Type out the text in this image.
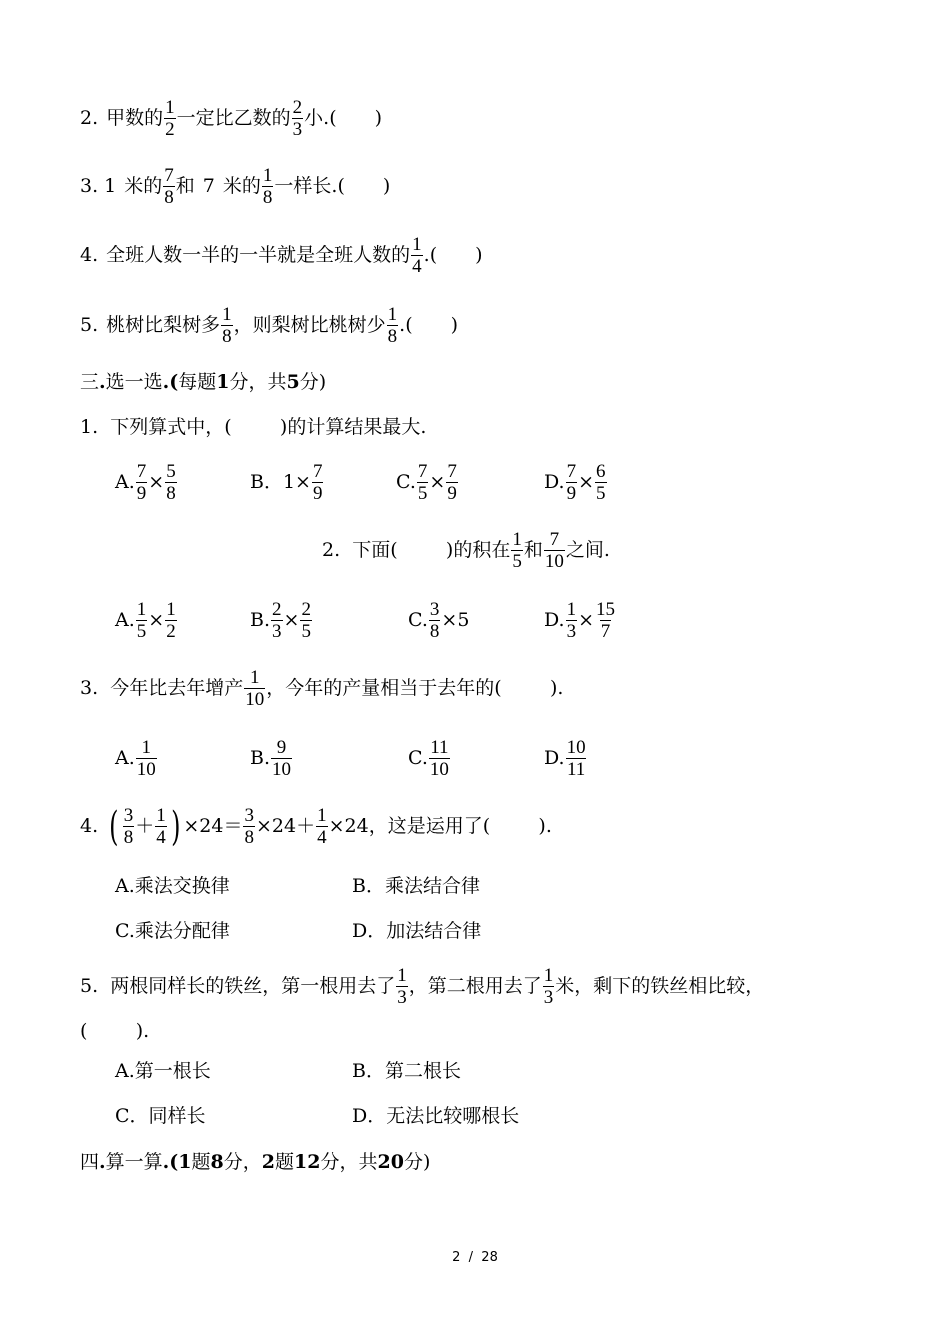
2. 甲数的 1
2
一定比乙数的 2
3
小.( )
3. 1 米的 7
8
和 7 米的 1
8
一样长.( )
4. 全班人数一半的一半就是全班人数的 1
4
.( )
5. 桃树比梨树多 1
8
，则梨树比桃树少 1
8
.( )
三 . 选一选 .( 每题 1 分，共 5 分)
1.  下列算式中，(        )的计算结果最大.
A. $\frac{7}{9} \times \frac{5}{8}$	B．$1\times \frac{7}{9}$	C. $\frac{7}{5} \times \frac{7}{9}$	D. $\frac{7}{9} \times \frac{6}{5}$
2.  下面(        )的积在 1
5
和 7
10
之间.
A. $\frac{1}{5} \times \frac{1}{2}$	B. $\frac{2}{3} \times \frac{2}{5}$	C. $\frac{3}{8} \times 5$	D. $\frac{1}{3} \times \frac{15}{7}$
3.  今年比去年增产 1
10
，今年的产量相当于去年的(        ).
A. 1
10
B. 9
10
C. 11
10
D. 10
11
4. ( 3
8
＋ 1
4 ) $\times 24= \frac{3}{8} \times 24+ \frac{1}{4} \times 24$，这是运用了(        ).
A.乘法交换律	B．乘法结合律
C.乘法分配律	D．加法结合律
5.  两根同样长的铁丝，第一根用去了 1
3
，第二根用去了 1
3
米，剩下的铁丝相比较，
(        ).
A.第一根长	B．第二根长
C．同样长	D．无法比较哪根长
四 . 算一算 .( 1 题 8 分， 2 题 12 分，共 20 分)
2  /  28
